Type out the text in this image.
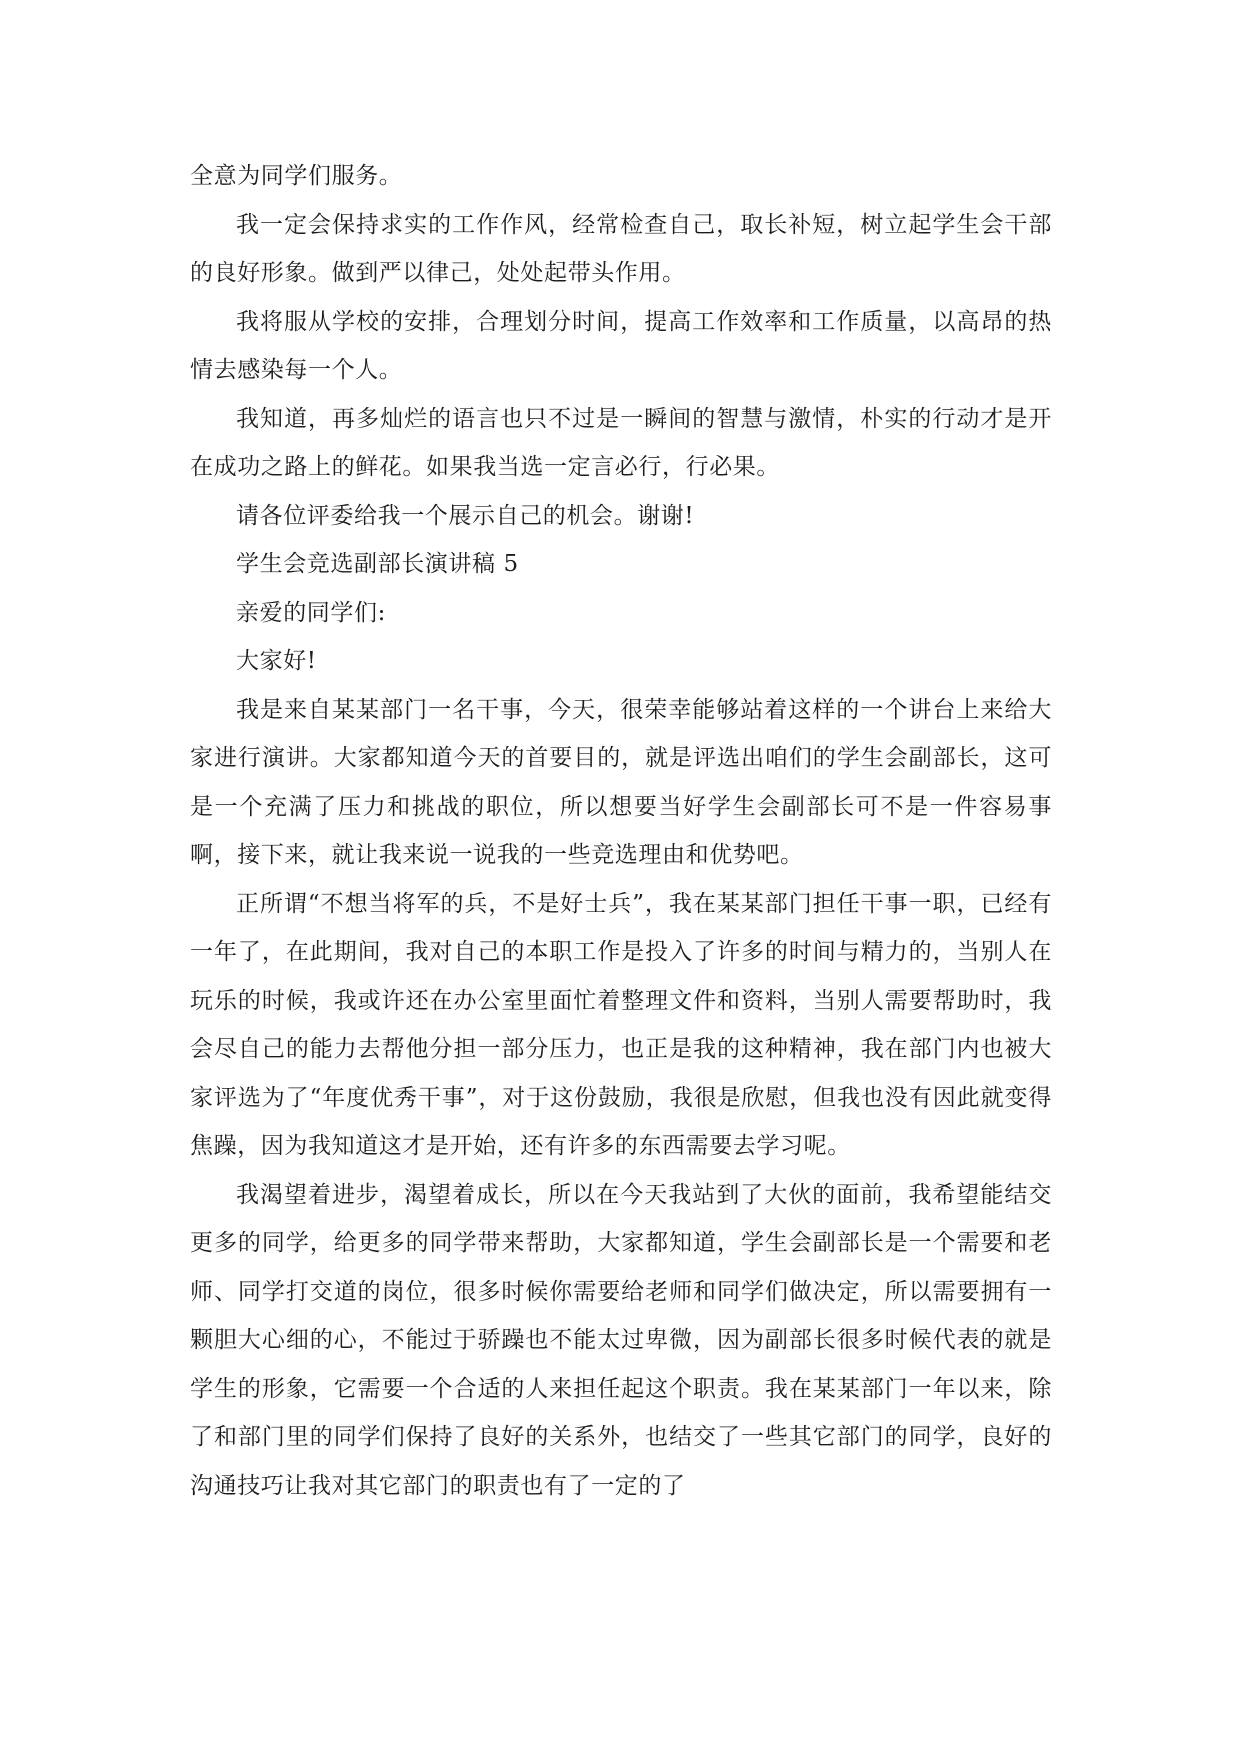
全意为同学们服务。

我一定会保持求实的工作作风，经常检查自己，取长补短，树立起学生会干部的良好形象。做到严以律己，处处起带头作用。

我将服从学校的安排，合理划分时间，提高工作效率和工作质量，以高昂的热情去感染每一个人。

我知道，再多灿烂的语言也只不过是一瞬间的智慧与激情，朴实的行动才是开在成功之路上的鲜花。如果我当选一定言必行，行必果。

请各位评委给我一个展示自己的机会。谢谢!

学生会竞选副部长演讲稿 5

亲爱的同学们:

大家好!

我是来自某某部门一名干事，今天，很荣幸能够站着这样的一个讲台上来给大家进行演讲。大家都知道今天的首要目的，就是评选出咱们的学生会副部长，这可是一个充满了压力和挑战的职位，所以想要当好学生会副部长可不是一件容易事啊，接下来，就让我来说一说我的一些竞选理由和优势吧。

正所谓“不想当将军的兵，不是好士兵”，我在某某部门担任干事一职，已经有一年了，在此期间，我对自己的本职工作是投入了许多的时间与精力的，当别人在玩乐的时候，我或许还在办公室里面忙着整理文件和资料，当别人需要帮助时，我会尽自己的能力去帮他分担一部分压力，也正是我的这种精神，我在部门内也被大家评选为了“年度优秀干事”，对于这份鼓励，我很是欣慰，但我也没有因此就变得焦躁，因为我知道这才是开始，还有许多的东西需要去学习呢。

我渴望着进步，渴望着成长，所以在今天我站到了大伙的面前，我希望能结交更多的同学，给更多的同学带来帮助，大家都知道，学生会副部长是一个需要和老师、同学打交道的岗位，很多时候你需要给老师和同学们做决定，所以需要拥有一颗胆大心细的心，不能过于骄躁也不能太过卑微，因为副部长很多时候代表的就是学生的形象，它需要一个合适的人来担任起这个职责。我在某某部门一年以来，除了和部门里的同学们保持了良好的关系外，也结交了一些其它部门的同学，良好的沟通技巧让我对其它部门的职责也有了一定的了
